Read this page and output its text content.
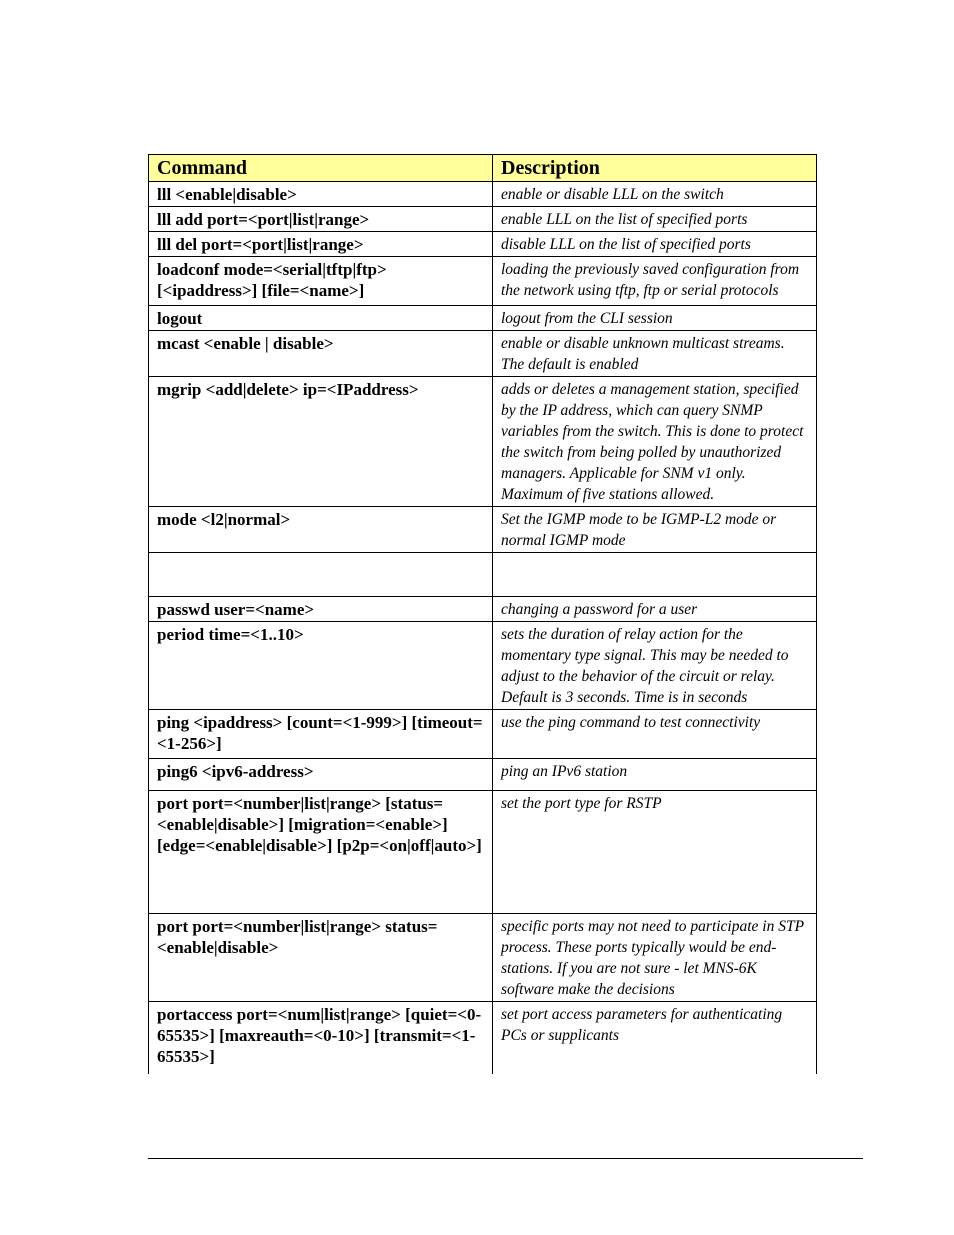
Command	Description
lll <enable|disable>	enable or disable LLL on the switch
lll add port=<port|list|range>	enable LLL on the list of specified ports
lll del port=<port|list|range>	disable LLL on the list of specified ports
loadconf mode=<serial|tftp|ftp> [<ipaddress>] [file=<name>]	loading the previously saved configuration from the network using tftp, ftp or serial protocols
logout	logout from the CLI session
mcast <enable | disable>	enable or disable unknown multicast streams. The default is enabled
mgrip <add|delete> ip=<IPaddress>	adds or deletes a management station, specified by the IP address, which can query SNMP variables from the switch. This is done to protect the switch from being polled by unauthorized managers. Applicable for SNM v1 only. Maximum of five stations allowed.
mode <l2|normal>	Set the IGMP mode to be IGMP-L2 mode or normal IGMP mode

passwd user=<name>	changing a password for a user
period time=<1..10>	sets the duration of relay action for the momentary type signal. This may be needed to adjust to the behavior of the circuit or relay. Default is 3 seconds. Time is in seconds
ping <ipaddress> [count=<1-999>] [timeout=<1-256>]	use the ping command to test connectivity
ping6 <ipv6-address>	ping an IPv6 station
port port=<number|list|range> [status=<enable|disable>] [migration=<enable>] [edge=<enable|disable>] [p2p=<on|off|auto>]	set the port type for RSTP
port port=<number|list|range> status=<enable|disable>	specific ports may not need to participate in STP process. These ports typically would be end-stations. If you are not sure - let MNS-6K software make the decisions
portaccess port=<num|list|range> [quiet=<0-65535>] [maxreauth=<0-10>] [transmit=<1-65535>]	set port access parameters for authenticating PCs or supplicants
